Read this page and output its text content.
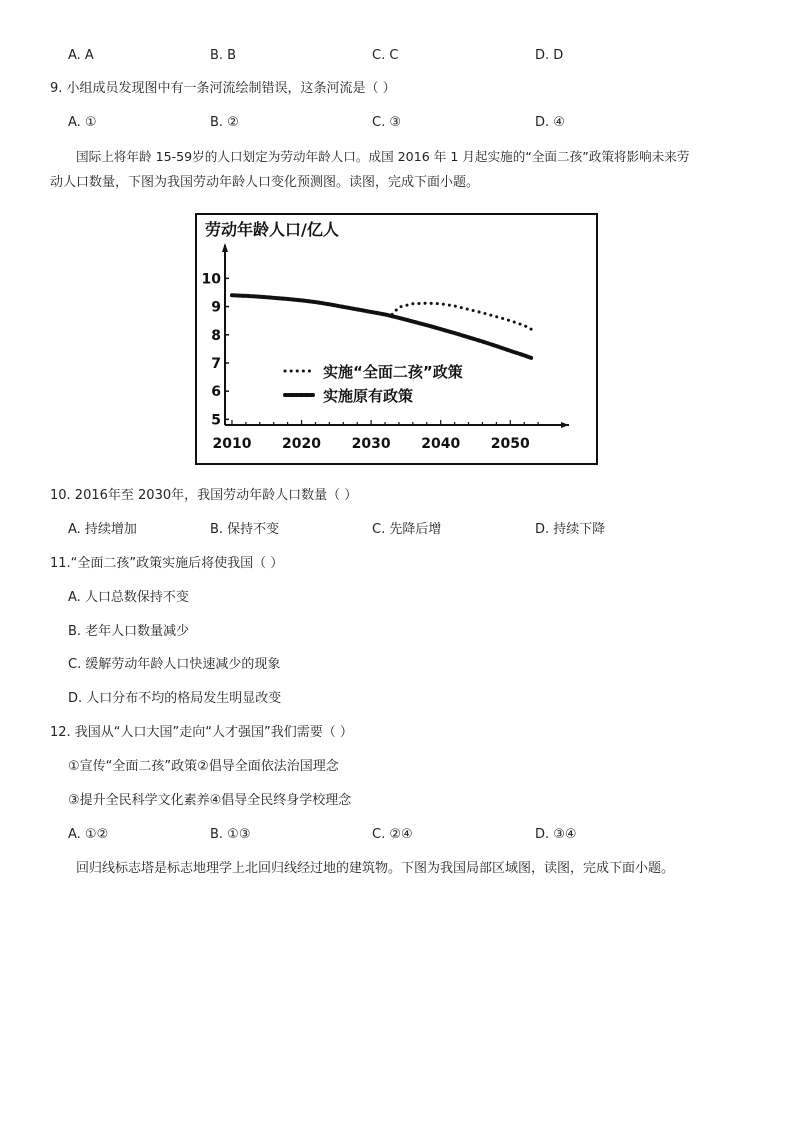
A. A	B. B	C. C	D. D
9. 小组成员发现图中有一条河流绘制错误，这条河流是（ ）
A. ①	B. ②	C. ③	D. ④
国际上将年龄 15-59岁的人口划定为劳动年龄人口。成国 2016 年 1 月起实施的“全面二孩”政策将影响未来劳
动人口数量，下图为我国劳动年龄人口变化预测图。读图，完成下面小题。
劳动年龄人口/亿人
5
6
7
8
9
10
2010 2020 2030 2040 2050
实施“全面二孩”政策
实施原有政策
10. 2016年至 2030年，我国劳动年龄人口数量（ ）
A. 持续增加	B. 保持不变	C. 先降后增	D. 持续下降
11.“全面二孩”政策实施后将使我国（ ）
A. 人口总数保持不变
B. 老年人口数量减少
C. 缓解劳动年龄人口快速减少的现象
D. 人口分布不均的格局发生明显改变
12. 我国从“人口大国”走向“人才强国”我们需要（ ）
①宣传“全面二孩”政策②倡导全面依法治国理念
③提升全民科学文化素养④倡导全民终身学校理念
A. ①②	B. ①③	C. ②④	D. ③④
回归线标志塔是标志地理学上北回归线经过地的建筑物。下图为我国局部区域图，读图，完成下面小题。
